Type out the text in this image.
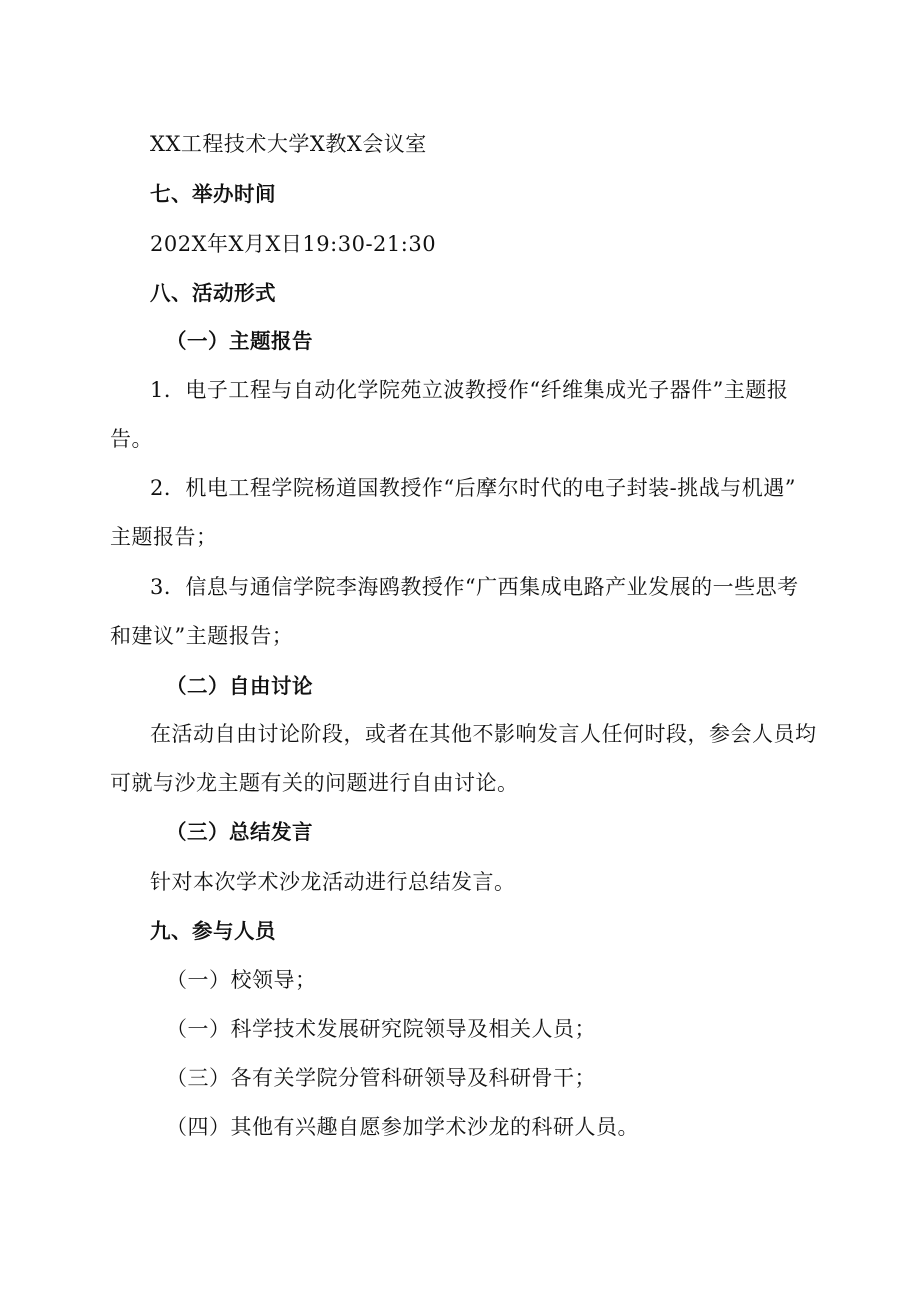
XX工程技术大学X教X会议室
七、举办时间
202X年X月X日19:30-21:30
八、活动形式
（一）主题报告
1．电子工程与自动化学院苑立波教授作“纤维集成光子器件”主题报
告。
2．机电工程学院杨道国教授作“后摩尔时代的电子封装-挑战与机遇”
主题报告；
3．信息与通信学院李海鸥教授作“广西集成电路产业发展的一些思考
和建议”主题报告；
（二）自由讨论
在活动自由讨论阶段，或者在其他不影响发言人任何时段，参会人员均
可就与沙龙主题有关的问题进行自由讨论。
（三）总结发言
针对本次学术沙龙活动进行总结发言。
九、参与人员
（一）校领导；
（一）科学技术发展研究院领导及相关人员；
（三）各有关学院分管科研领导及科研骨干；
（四）其他有兴趣自愿参加学术沙龙的科研人员。
